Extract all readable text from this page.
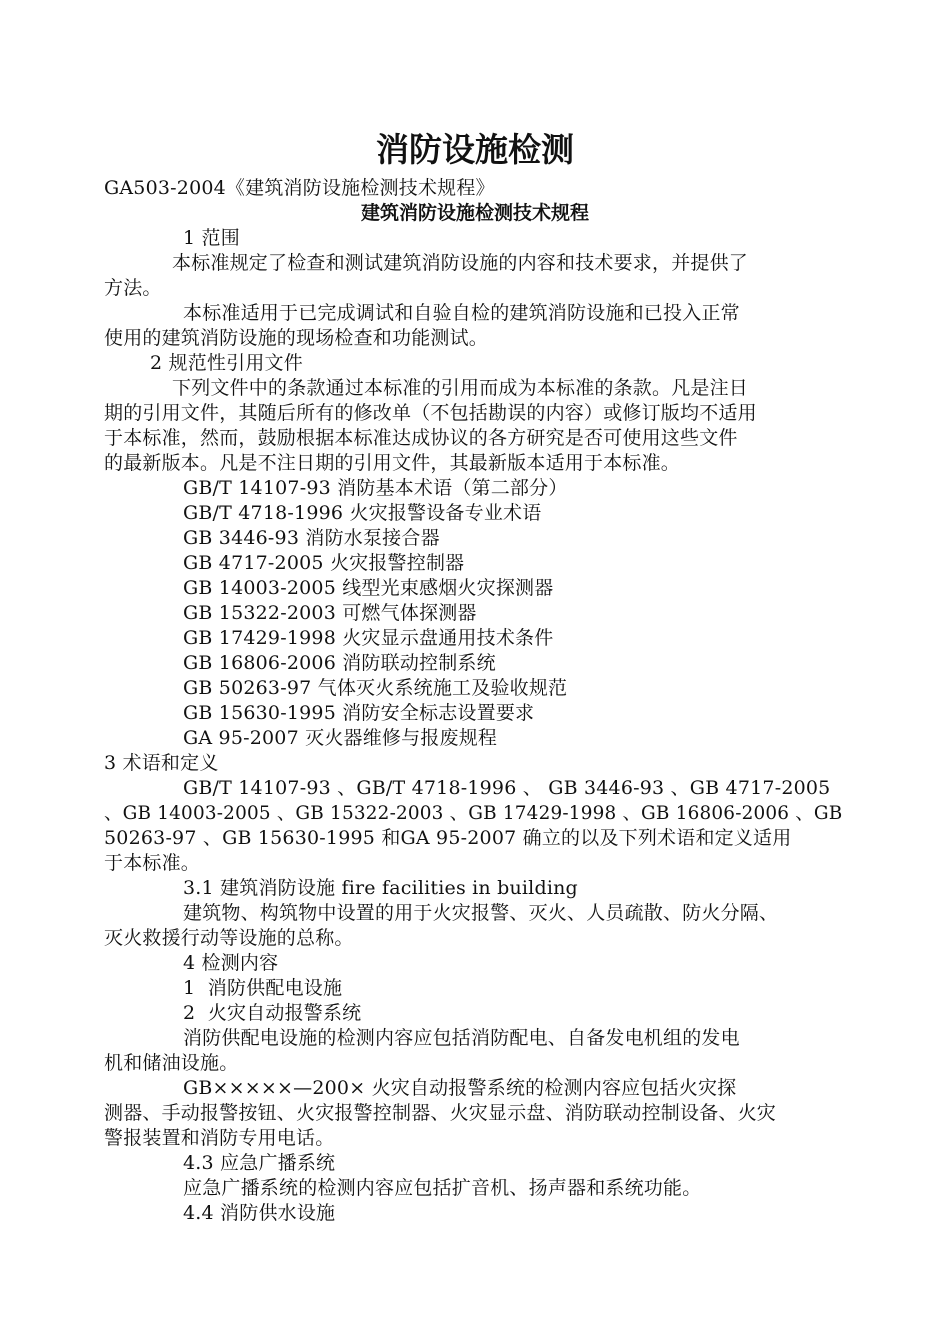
消防设施检测
GA503-2004《建筑消防设施检测技术规程》
建筑消防设施检测技术规程
1 范围
本标准规定了检查和测试建筑消防设施的内容和技术要求，并提供了
方法。
本标准适用于已完成调试和自验自检的建筑消防设施和已投入正常
使用的建筑消防设施的现场检查和功能测试。
2 规范性引用文件
下列文件中的条款通过本标准的引用而成为本标准的条款。凡是注日
期的引用文件，其随后所有的修改单（不包括勘误的内容）或修订版均不适用
于本标准，然而，鼓励根据本标准达成协议的各方研究是否可使用这些文件
的最新版本。凡是不注日期的引用文件，其最新版本适用于本标准。
GB/T 14107-93 消防基本术语（第二部分）
GB/T 4718-1996 火灾报警设备专业术语
GB 3446-93 消防水泵接合器
GB 4717-2005 火灾报警控制器
GB 14003-2005 线型光束感烟火灾探测器
GB 15322-2003 可燃气体探测器
GB 17429-1998 火灾显示盘通用技术条件
GB 16806-2006 消防联动控制系统
GB 50263-97 气体灭火系统施工及验收规范
GB 15630-1995 消防安全标志设置要求
GA 95-2007 灭火器维修与报废规程
3 术语和定义
GB/T 14107-93 、GB/T 4718-1996 、 GB 3446-93 、GB 4717-2005
、GB 14003-2005 、GB 15322-2003 、GB 17429-1998 、GB 16806-2006 、GB
50263-97 、GB 15630-1995 和GA 95-2007 确立的以及下列术语和定义适用
于本标准。
3.1 建筑消防设施 fire facilities in building
建筑物、构筑物中设置的用于火灾报警、灭火、人员疏散、防火分隔、
灭火救援行动等设施的总称。
4 检测内容
1  消防供配电设施
2  火灾自动报警系统
消防供配电设施的检测内容应包括消防配电、自备发电机组的发电
机和储油设施。
GB×××××—200× 火灾自动报警系统的检测内容应包括火灾探
测器、手动报警按钮、火灾报警控制器、火灾显示盘、消防联动控制设备、火灾
警报装置和消防专用电话。
4.3 应急广播系统
应急广播系统的检测内容应包括扩音机、扬声器和系统功能。
4.4 消防供水设施
